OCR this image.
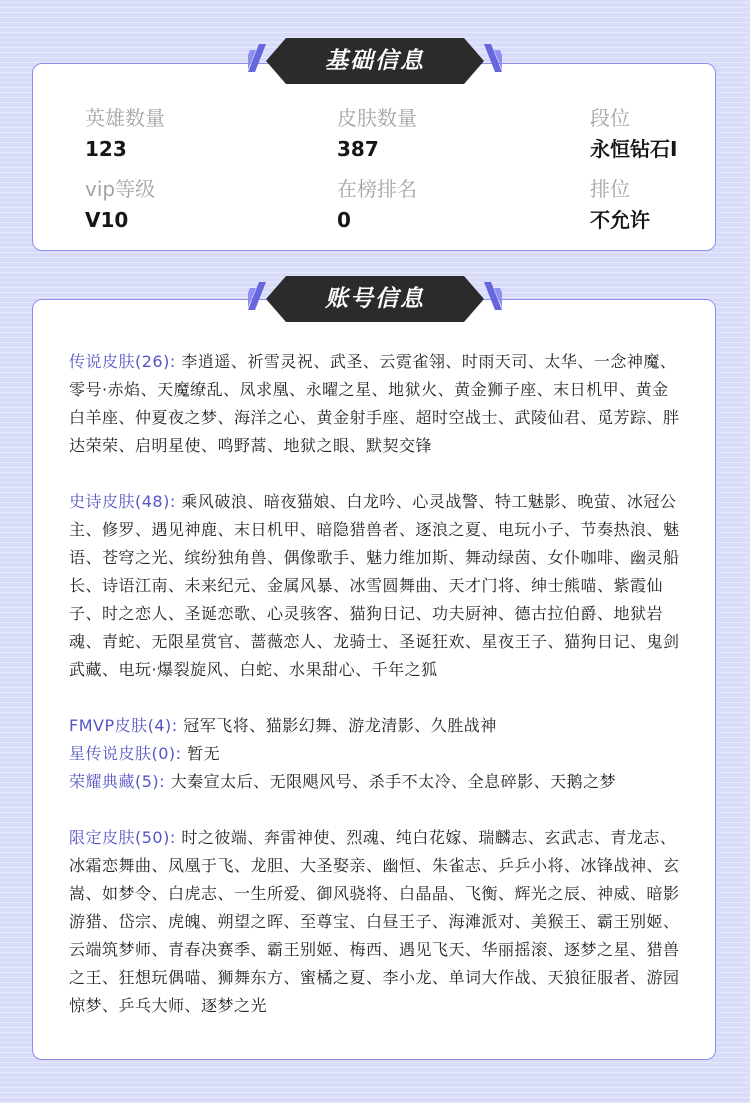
英雄数量
123
皮肤数量
387
段位
永恒钻石I
vip等级
V10
在榜排名
0
排位
不允许
基础信息

传说皮肤(26): 李逍遥、祈雪灵祝、武圣、云霓雀翎、时雨天司、太华、一念神魔、零号·赤焰、天魔缭乱、凤求凰、永曜之星、地狱火、黄金狮子座、末日机甲、黄金白羊座、仲夏夜之梦、海洋之心、黄金射手座、超时空战士、武陵仙君、觅芳踪、胖达荣荣、启明星使、鸣野蒿、地狱之眼、默契交锋

史诗皮肤(48): 乘风破浪、暗夜猫娘、白龙吟、心灵战警、特工魅影、晚萤、冰冠公主、修罗、遇见神鹿、末日机甲、暗隐猎兽者、逐浪之夏、电玩小子、节奏热浪、魅语、苍穹之光、缤纷独角兽、偶像歌手、魅力维加斯、舞动绿茵、女仆咖啡、幽灵船长、诗语江南、未来纪元、金属风暴、冰雪圆舞曲、天才门将、绅士熊喵、紫霞仙子、时之恋人、圣诞恋歌、心灵骇客、猫狗日记、功夫厨神、德古拉伯爵、地狱岩魂、青蛇、无限星赏官、蔷薇恋人、龙骑士、圣诞狂欢、星夜王子、猫狗日记、鬼剑武藏、电玩·爆裂旋风、白蛇、水果甜心、千年之狐

FMVP皮肤(4): 冠军飞将、猫影幻舞、游龙清影、久胜战神

星传说皮肤(0): 暂无

荣耀典藏(5): 大秦宣太后、无限飓风号、杀手不太冷、全息碎影、天鹅之梦

限定皮肤(50): 时之彼端、奔雷神使、烈魂、纯白花嫁、瑞麟志、玄武志、青龙志、冰霜恋舞曲、凤凰于飞、龙胆、大圣娶亲、幽恒、朱雀志、乒乒小将、冰锋战神、玄嵩、如梦令、白虎志、一生所爱、御风骁将、白晶晶、飞衡、辉光之辰、神威、暗影游猎、岱宗、虎魄、朔望之晖、至尊宝、白昼王子、海滩派对、美猴王、霸王别姬、云端筑梦师、青春决赛季、霸王别姬、梅西、遇见飞天、华丽摇滚、逐梦之星、猎兽之王、狂想玩偶喵、狮舞东方、蜜橘之夏、李小龙、单词大作战、天狼征服者、游园惊梦、乒乓大师、逐梦之光

账号信息
